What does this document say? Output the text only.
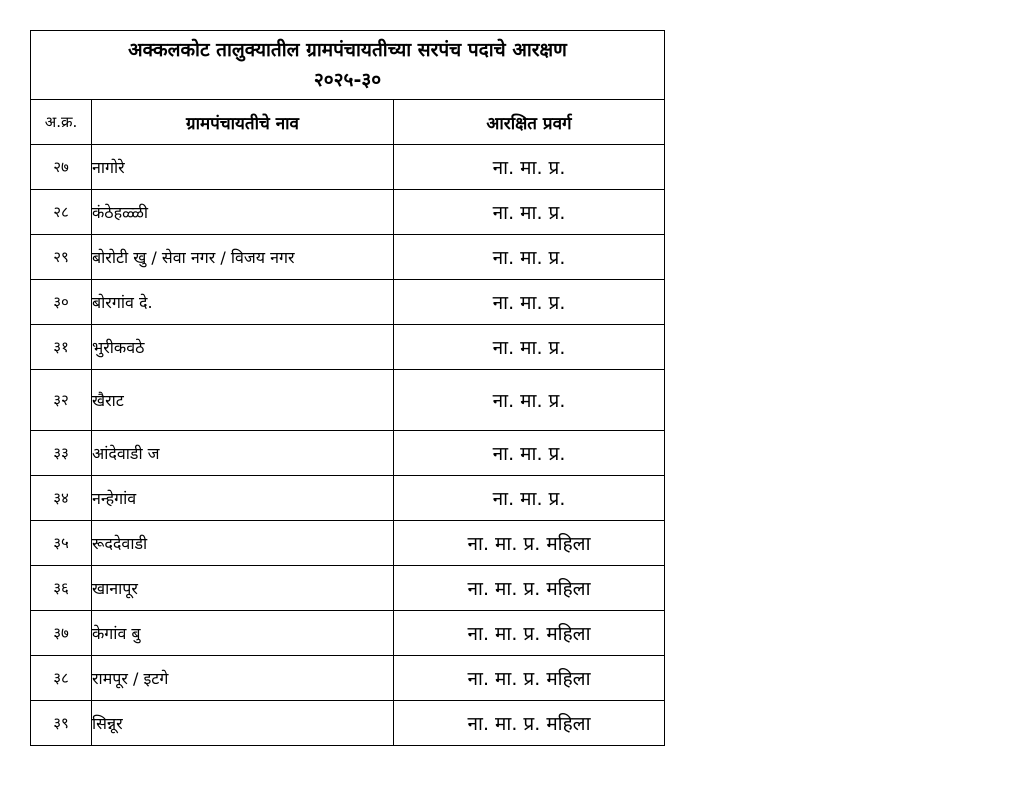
अक्कलकोट तालुक्यातील ग्रामपंचायतीच्या सरपंच पदाचे आरक्षण
२०२५-३०		

अ.क्र.	ग्रामपंचायतीचे नाव	आरक्षित प्रवर्ग
२७	नागोरे	ना. मा. प्र.
२८	कंठेहळ्ळी	ना. मा. प्र.
२९	बोरोटी खु / सेवा नगर / विजय नगर	ना. मा. प्र.
३०	बोरगांव दे.	ना. मा. प्र.
३१	भुरीकवठे	ना. मा. प्र.
३२	खैराट	ना. मा. प्र.
३३	आंदेवाडी ज	ना. मा. प्र.
३४	नन्हेगांव	ना. मा. प्र.
३५	रूददेवाडी	ना. मा. प्र. महिला
३६	खानापूर	ना. मा. प्र. महिला
३७	केगांव बु	ना. मा. प्र. महिला
३८	रामपूर / इटगे	ना. मा. प्र. महिला
३९	सिन्नूर	ना. मा. प्र. महिला
